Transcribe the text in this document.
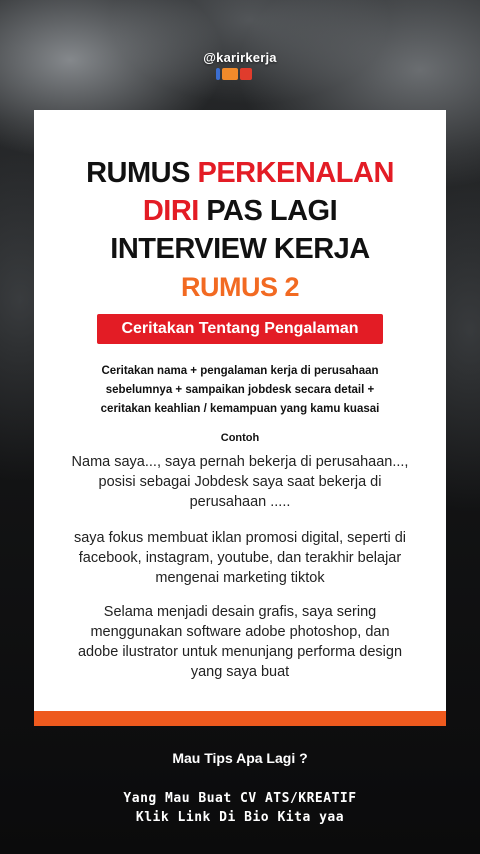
@karirkerja
RUMUS PERKENALAN
DIRI PAS LAGI
INTERVIEW KERJA
RUMUS 2
Ceritakan Tentang Pengalaman
Ceritakan nama + pengalaman kerja di perusahaan
sebelumnya + sampaikan jobdesk secara detail +
ceritakan keahlian / kemampuan yang kamu kuasai
Contoh
Nama saya..., saya pernah bekerja di perusahaan...,
posisi sebagai Jobdesk saya saat bekerja di
perusahaan .....
saya fokus membuat iklan promosi digital, seperti di
facebook, instagram, youtube, dan terakhir belajar
mengenai marketing tiktok
Selama menjadi desain grafis, saya sering
menggunakan software adobe photoshop, dan
adobe ilustrator untuk menunjang performa design
yang saya buat
Mau Tips Apa Lagi ?
Yang Mau Buat CV ATS/KREATIF
Klik Link Di Bio Kita yaa
